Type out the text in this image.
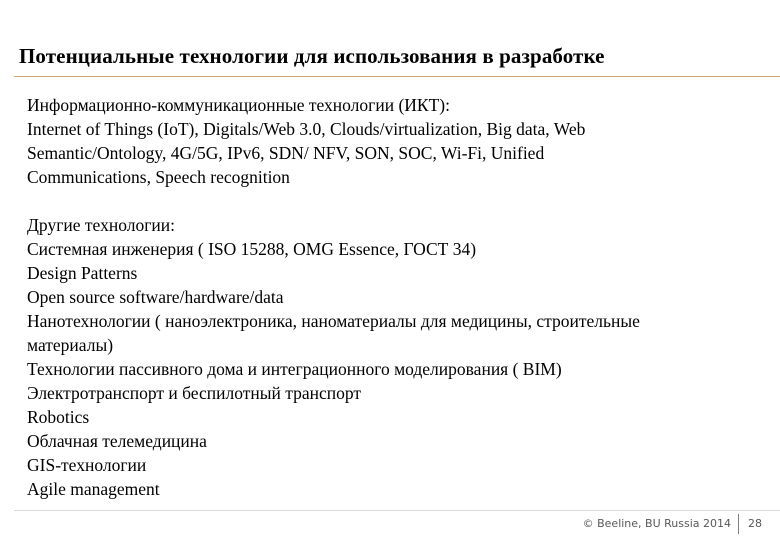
Потенциальные технологии для использования в разработке

Информационно-коммуникационные технологии (ИКТ):

Internet of Things (IoT), Digitals/Web 3.0, Clouds/virtualization, Big data, Web

Semantic/Ontology, 4G/5G, IPv6, SDN/ NFV, SON, SOC, Wi-Fi, Unified

Communications, Speech recognition

Другие технологии:

Системная инженерия ( ISO 15288, OMG Essence, ГОСТ 34)

Design Patterns

Open source software/hardware/data

Нанотехнологии ( наноэлектроника, наноматериалы для медицины, строительные

материалы)

Технологии пассивного дома и интеграционного моделирования ( BIM)

Электротранспорт и беспилотный транспорт

Robotics

Облачная телемедицина

GIS-технологии

Agile management

© Beeline, BU Russia 2014 28
